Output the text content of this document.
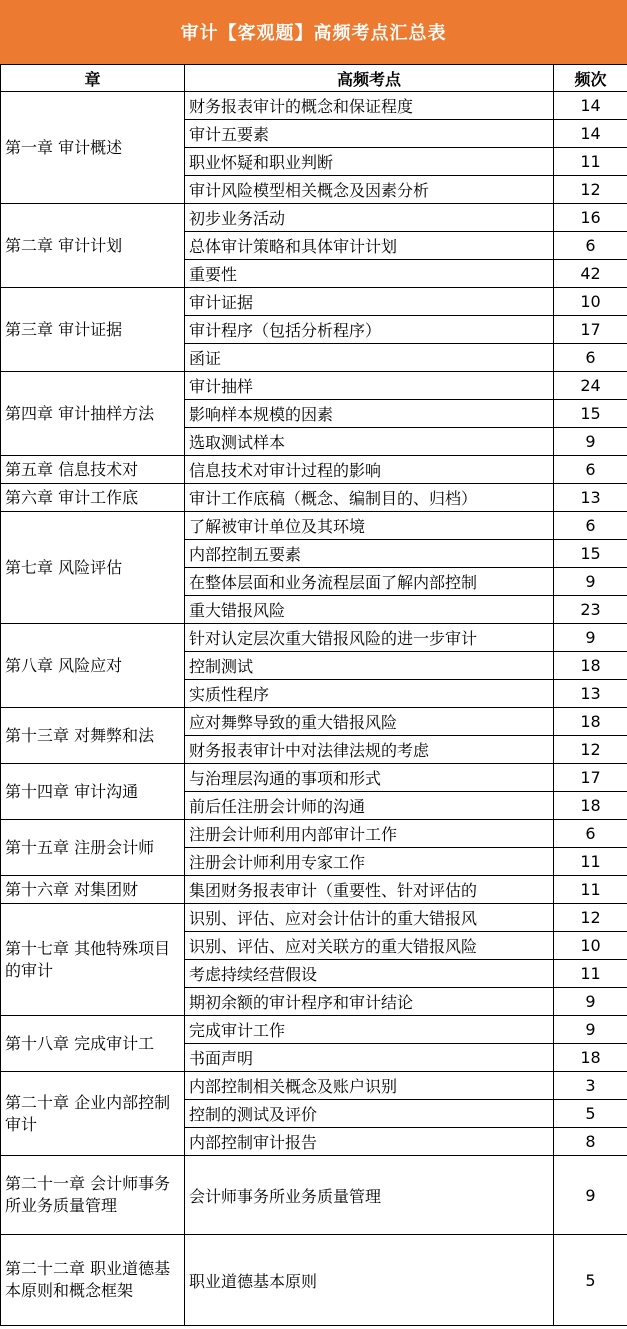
审计【客观题】高频考点汇总表
章	高频考点	频次
第一章 审计概述	财务报表审计的概念和保证程度	14
	审计五要素	14
	职业怀疑和职业判断	11
	审计风险模型相关概念及因素分析	12
第二章 审计计划	初步业务活动	16
	总体审计策略和具体审计计划	6
	重要性	42
第三章 审计证据	审计证据	10
	审计程序（包括分析程序）	17
	函证	6
第四章 审计抽样方法	审计抽样	24
	影响样本规模的因素	15
	选取测试样本	9
第五章 信息技术对	信息技术对审计过程的影响	6
第六章 审计工作底	审计工作底稿（概念、编制目的、归档）	13
第七章 风险评估	了解被审计单位及其环境	6
	内部控制五要素	15
	在整体层面和业务流程层面了解内部控制	9
	重大错报风险	23
第八章 风险应对	针对认定层次重大错报风险的进一步审计	9
	控制测试	18
	实质性程序	13
第十三章 对舞弊和法	应对舞弊导致的重大错报风险	18
	财务报表审计中对法律法规的考虑	12
第十四章 审计沟通	与治理层沟通的事项和形式	17
	前后任注册会计师的沟通	18
第十五章 注册会计师	注册会计师利用内部审计工作	6
	注册会计师利用专家工作	11
第十六章 对集团财	集团财务报表审计（重要性、针对评估的	11
第十七章 其他特殊项目的审计	识别、评估、应对会计估计的重大错报风	12
	识别、评估、应对关联方的重大错报风险	10
	考虑持续经营假设	11
	期初余额的审计程序和审计结论	9
第十八章 完成审计工	完成审计工作	9
	书面声明	18
第二十章 企业内部控制审计	内部控制相关概念及账户识别	3
	控制的测试及评价	5
	内部控制审计报告	8
第二十一章 会计师事务所业务质量管理	会计师事务所业务质量管理	9
第二十二章 职业道德基本原则和概念框架	职业道德基本原则	5
